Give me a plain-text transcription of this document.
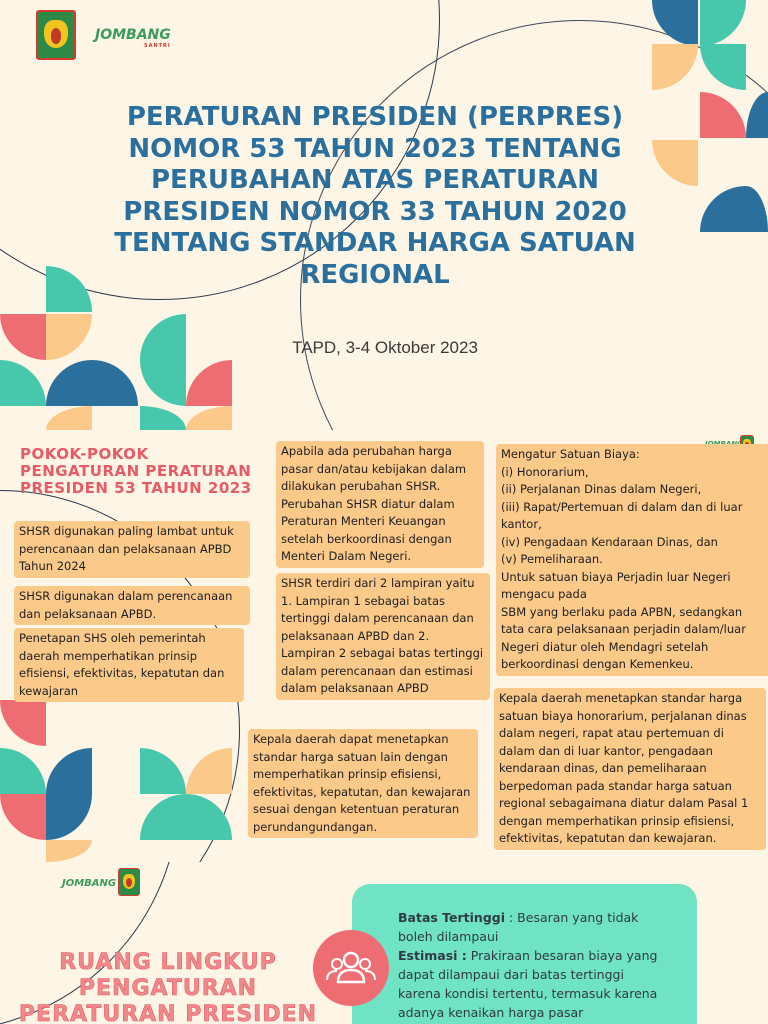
JOMBANG
SANTRI
PERATURAN PRESIDEN (PERPRES) NOMOR 53 TAHUN 2023 TENTANG PERUBAHAN ATAS PERATURAN PRESIDEN NOMOR 33 TAHUN 2020 TENTANG STANDAR HARGA SATUAN REGIONAL
TAPD, 3-4 Oktober 2023
POKOK-POKOK PENGATURAN PERATURAN PRESIDEN 53 TAHUN 2023

SHSR digunakan paling lambat untuk perencanaan dan pelaksanaan APBD Tahun 2024

SHSR digunakan dalam perencanaan dan pelaksanaan APBD.

Penetapan SHS oleh pemerintah daerah memperhatikan prinsip efisiensi, efektivitas, kepatutan dan kewajaran

Apabila ada perubahan harga pasar dan/atau kebijakan dalam dilakukan perubahan SHSR. Perubahan SHSR diatur dalam Peraturan Menteri Keuangan setelah berkoordinasi dengan Menteri Dalam Negeri.

SHSR terdiri dari 2 lampiran yaitu 1. Lampiran 1 sebagai batas tertinggi dalam perencanaan dan pelaksanaan APBD dan 2. Lampiran 2 sebagai batas tertinggi dalam perencanaan dan estimasi dalam pelaksanaan APBD

Kepala daerah dapat menetapkan standar harga satuan lain dengan memperhatikan prinsip efisiensi, efektivitas, kepatutan, dan kewajaran sesuai dengan ketentuan peraturan perundangundangan.

Mengatur Satuan Biaya:

(i) Honorarium,

(ii) Perjalanan Dinas dalam Negeri,

(iii) Rapat/Pertemuan di dalam dan di luar kantor,

(iv) Pengadaan Kendaraan Dinas, dan

(v) Pemeliharaan.

Untuk satuan biaya Perjadin luar Negeri mengacu pada

SBM yang berlaku pada APBN, sedangkan tata cara pelaksanaan perjadin dalam/luar Negeri diatur oleh Mendagri setelah berkoordinasi dengan Kemenkeu.

Kepala daerah menetapkan standar harga satuan biaya honorarium, perjalanan dinas dalam negeri, rapat atau pertemuan di dalam dan di luar kantor, pengadaan kendaraan dinas, dan pemeliharaan berpedoman pada standar harga satuan regional sebagaimana diatur dalam Pasal 1 dengan memperhatikan prinsip efisiensi, efektivitas, kepatutan dan kewajaran.

JOMBANG
RUANG LINGKUP PENGATURAN PERATURAN PRESIDEN
Batas Tertinggi : Besaran yang tidak boleh dilampaui
Estimasi : Prakiraan besaran biaya yang dapat dilampaui dari batas tertinggi karena kondisi tertentu, termasuk karena adanya kenaikan harga pasar
